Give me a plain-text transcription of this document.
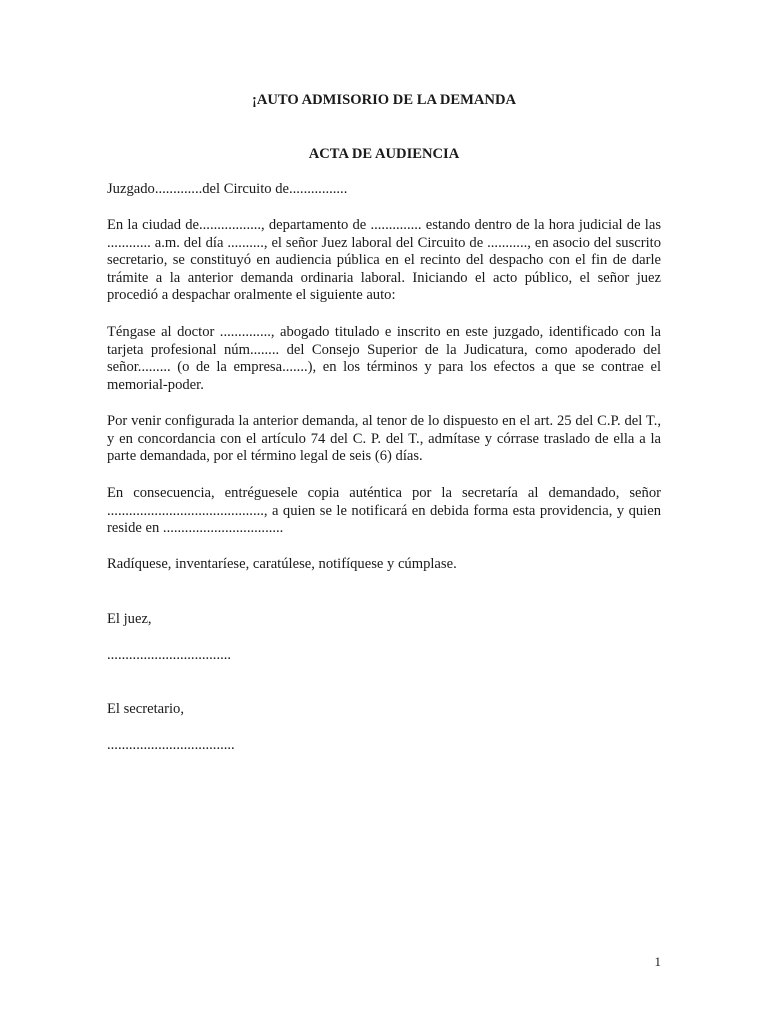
¡AUTO ADMISORIO DE LA DEMANDA

ACTA DE AUDIENCIA

Juzgado.............del Circuito de................

En la ciudad de................., departamento de .............. estando dentro de la hora judicial de las ............ a.m. del día .........., el señor Juez laboral del Circuito de ..........., en asocio del suscrito secretario, se constituyó en audiencia pública en el recinto del despacho con el fin de darle trámite a la anterior demanda ordinaria laboral. Iniciando el acto público, el señor juez procedió a despachar oralmente el siguiente auto:

Téngase al doctor .............., abogado titulado e inscrito en este juzgado, identificado con la tarjeta profesional núm........ del Consejo Superior de la Judicatura, como apoderado del señor......... (o de la empresa.......), en los términos y para los efectos a que se contrae el memorial-poder.

Por venir configurada la anterior demanda, al tenor de lo dispuesto en el art. 25 del C.P. del T., y en concordancia con el artículo 74 del C. P. del T., admítase y córrase traslado de ella a la parte demandada, por el término legal de seis (6) días.

En consecuencia, entréguesele copia auténtica por la secretaría al demandado, señor ..........................................., a quien se le notificará en debida forma esta providencia, y quien reside en .................................

Radíquese, inventaríese, caratúlese, notifíquese y cúmplase.

El juez,

..................................

El secretario,

...................................

1
